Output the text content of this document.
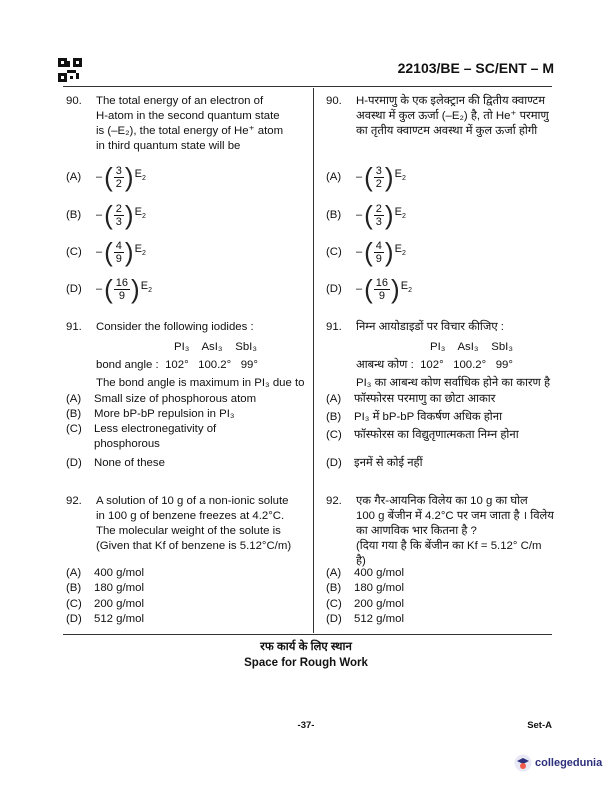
22103/BE – SC/ENT – M
90. The total energy of an electron of
H-atom in the second quantum state
is (–E₂), the total energy of He⁺ atom
in third quantum state will be
(A)	– ( $\frac{3}{2}$ ) $E_2$
(B)	– ( $\frac{2}{3}$ ) $E_2$
(C)	– ( $\frac{4}{9}$ ) $E_2$
(D)	– ( $\frac{16}{9}$ ) $E_2$
91. Consider the following iodides :
PI₃ AsI₃ SbI₃
bond angle : 102° 100.2° 99°
The bond angle is maximum in PI₃ due to
(A)	Small size of phosphorous atom
(B)	More bP-bP repulsion in PI₃
(C)	Less electronegativity of
phosphorous
(D)	None of these
92. A solution of 10 g of a non-ionic solute
in 100 g of benzene freezes at 4.2°C.
The molecular weight of the solute is
(Given that Kf of benzene is 5.12°C/m)
(A)	400 g/mol
(B)	180 g/mol
(C)	200 g/mol
(D)	512 g/mol
90. H-परमाणु के एक इलेक्ट्रान की द्वितीय क्वाण्टम
अवस्था में कुल ऊर्जा (–E₂) है, तो He⁺ परमाणु
का तृतीय क्वाण्टम अवस्था में कुल ऊर्जा होगी
(A)	– ( $\frac{3}{2}$ ) $E_2$
(B)	– ( $\frac{2}{3}$ ) $E_2$
(C)	– ( $\frac{4}{9}$ ) $E_2$
(D)	– ( $\frac{16}{9}$ ) $E_2$
91. निम्न आयोडाइडों पर विचार कीजिए :
PI₃ AsI₃ SbI₃
आबन्ध कोण : 102° 100.2° 99°
PI₃ का आबन्ध कोण सर्वाधिक होने का कारण है
(A)	फॉस्फोरस परमाणु का छोटा आकार
(B)	PI₃ में bP-bP विकर्षण अधिक होना
(C)	फॉस्फोरस का विद्युतृणात्मकता निम्न होना
(D)	इनमें से कोई नहीं
92. एक गैर-आयनिक विलेय का 10 g का घोल
100 g बेंजीन में 4.2°C पर जम जाता है । विलेय
का आणविक भार कितना है ?
(दिया गया है कि बेंजीन का Kf = 5.12° C/m है)
(A)	400 g/mol
(B)	180 g/mol
(C)	200 g/mol
(D)	512 g/mol
रफ कार्य के लिए स्थान
Space for Rough Work
-37-	Set-A
collegedunia
